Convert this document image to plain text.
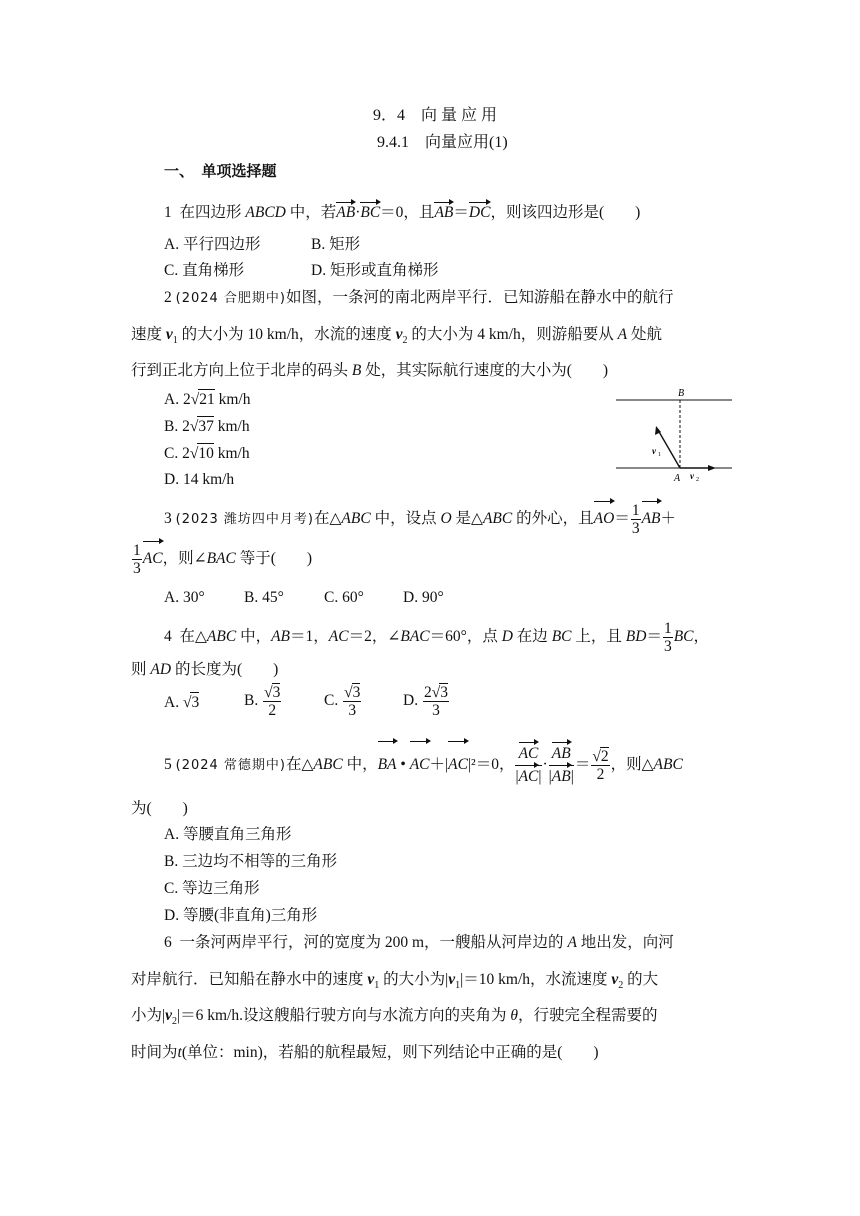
9．4　向 量 应 用
9.4.1　向量应用(1)
一、　单项选择题
1 在四边形 ABCD 中，若AB·BC＝0，且AB＝DC，则该四边形是(　　)
A. 平行四边形	B. 矩形
C. 直角梯形	D. 矩形或直角梯形
2 (2024 合肥期中)如图，一条河的南北两岸平行．已知游船在静水中的航行
速度 $v_1$ 的大小为 10 km/h，水流的速度 $v_2$ 的大小为 4 km/h，则游船要从 A 处航
行到正北方向上位于北岸的码头 B 处，其实际航行速度的大小为(　　)
A. 2√21 km/h
B. 2√37 km/h
C. 2√10 km/h
D. 14 km/h
B
A
v 1
v 2
3 (2023 潍坊四中月考)在△ABC 中，设点 O 是△ABC 的外心，且$AO= \frac{1}{3} AB+$
$\frac{1}{3}$ AC，则∠BAC 等于(　　)
A. 30°	B. 45°	C. 60°	D. 90°
4 在△ABC 中，AB＝1，AC＝2，∠BAC＝60°，点 D 在边 BC 上，且 $BD= \frac{1}{3}$ BC，
则 AD 的长度为(　　)
A. √3	B. $\frac{√3}{2}$	C. $\frac{√3}{3}$	D. $\frac{2√3}{3}$
5 (2024 常德期中)在△ABC 中，BA • AC＋|AC|²＝0， $\frac{AC}{|AC|} \cdot \frac{AB}{|AB|} = \frac{√2}{2}$ ，则△ABC
为(　　)
A. 等腰直角三角形
B. 三边均不相等的三角形
C. 等边三角形
D. 等腰(非直角)三角形
6 一条河两岸平行，河的宽度为 200 m，一艘船从河岸边的 A 地出发，向河
对岸航行．已知船在静水中的速度 $v_1$ 的大小为$|v_1|=10$ km/h，水流速度 $v_2$ 的大
小为$|v_2|=6$ km/h.设这艘船行驶方向与水流方向的夹角为 θ，行驶完全程需要的
时间为t(单位：min)，若船的航程最短，则下列结论中正确的是(　　)
